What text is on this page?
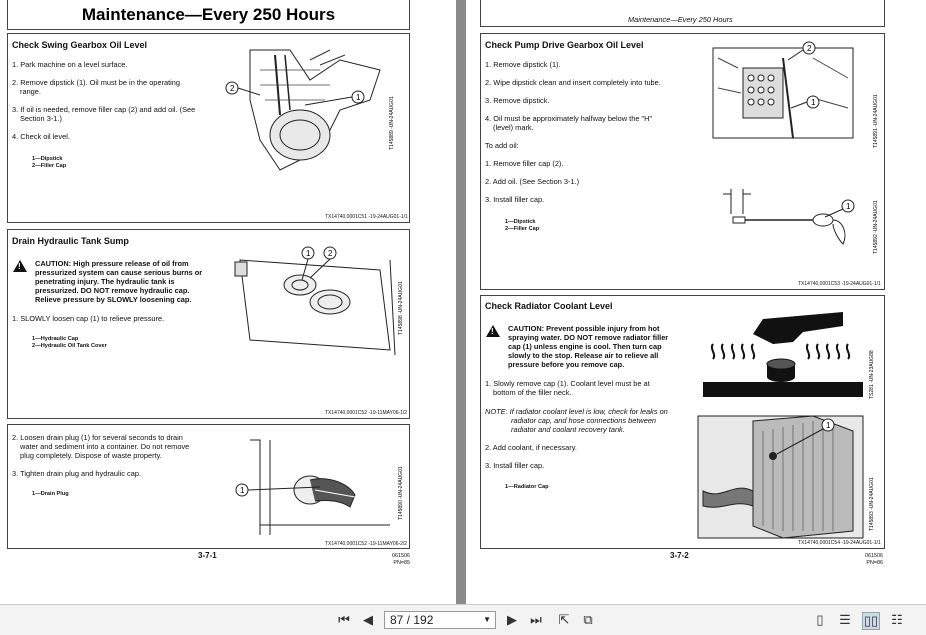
Maintenance—Every 250 Hours
Check Swing Gearbox Oil Level
1. Park machine on a level surface.
2. Remove dipstick (1). Oil must be in the operating
range.
3. If oil is needed, remove filler cap (2) and add oil. (See
Section 3-1.)
4. Check oil level.
1—Dipstick
2—Filler Cap
TX14740,0001C51 -19-24AUG01-1/1
2
1	T145889 -UN-24AUG01
Drain Hydraulic Tank Sump
!
CAUTION: High pressure release of oil from
pressurized system can cause serious burns or
penetrating injury. The hydraulic tank is
pressurized. DO NOT remove hydraulic cap.
Relieve pressure by SLOWLY loosening cap.
1. SLOWLY loosen cap (1) to relieve pressure.
1—Hydraulic Cap
2—Hydraulic Oil Tank Cover
TX14740,0001C52 -19-11MAY06-1/2
1 2
T145898 -UN-24AUG01
2. Loosen drain plug (1) for several seconds to drain
water and sediment into a container. Do not remove
plug completely. Dispose of waste property.
3. Tighten drain plug and hydraulic cap.
1—Drain Plug
TX14740,0001C52 -19-11MAY06-2/2
1	T145890 -UN-24AUG01
3-7-1	061506
PN=85
Maintenance—Every 250 Hours
Check Pump Drive Gearbox Oil Level
1. Remove dipstick (1).
2. Wipe dipstick clean and insert completely into tube.
3. Remove dipstick.
4. Oil must be approximately halfway below the "H"
(level) mark.
To add oil:
1. Remove filler cap (2).
2. Add oil. (See Section 3-1.)
3. Install filler cap.
1—Dipstick
2—Filler Cap
TX14740,0001C53 -19-24AUG01-1/1
2
1	T145891 -UN-24AUG01
1	T145892 -UN-24AUG01
Check Radiator Coolant Level
!
CAUTION: Prevent possible injury from hot
spraying water. DO NOT remove radiator filler
cap (1) unless engine is cool. Then turn cap
slowly to the stop. Release air to relieve all
pressure before you remove cap.
1. Slowly remove cap (1). Coolant level must be at
bottom of the filler neck.
NOTE: If radiator coolant level is low, check for leaks on
radiator cap, and hose connections between
radiator and coolant recovery tank.
2. Add coolant, if necessary.
3. Install filler cap.
1—Radiator Cap
TX14740,0001C54 -19-24AUG01-1/1
TS281 -UN-23AUG88
1
T145893 -UN-24AUG01
3-7-2	061506
PN=86
⏮ ◀	87 / 192	▼ ▶ ⏭ ⇱ ⧉	▯	☰ ▯▯ ☷
